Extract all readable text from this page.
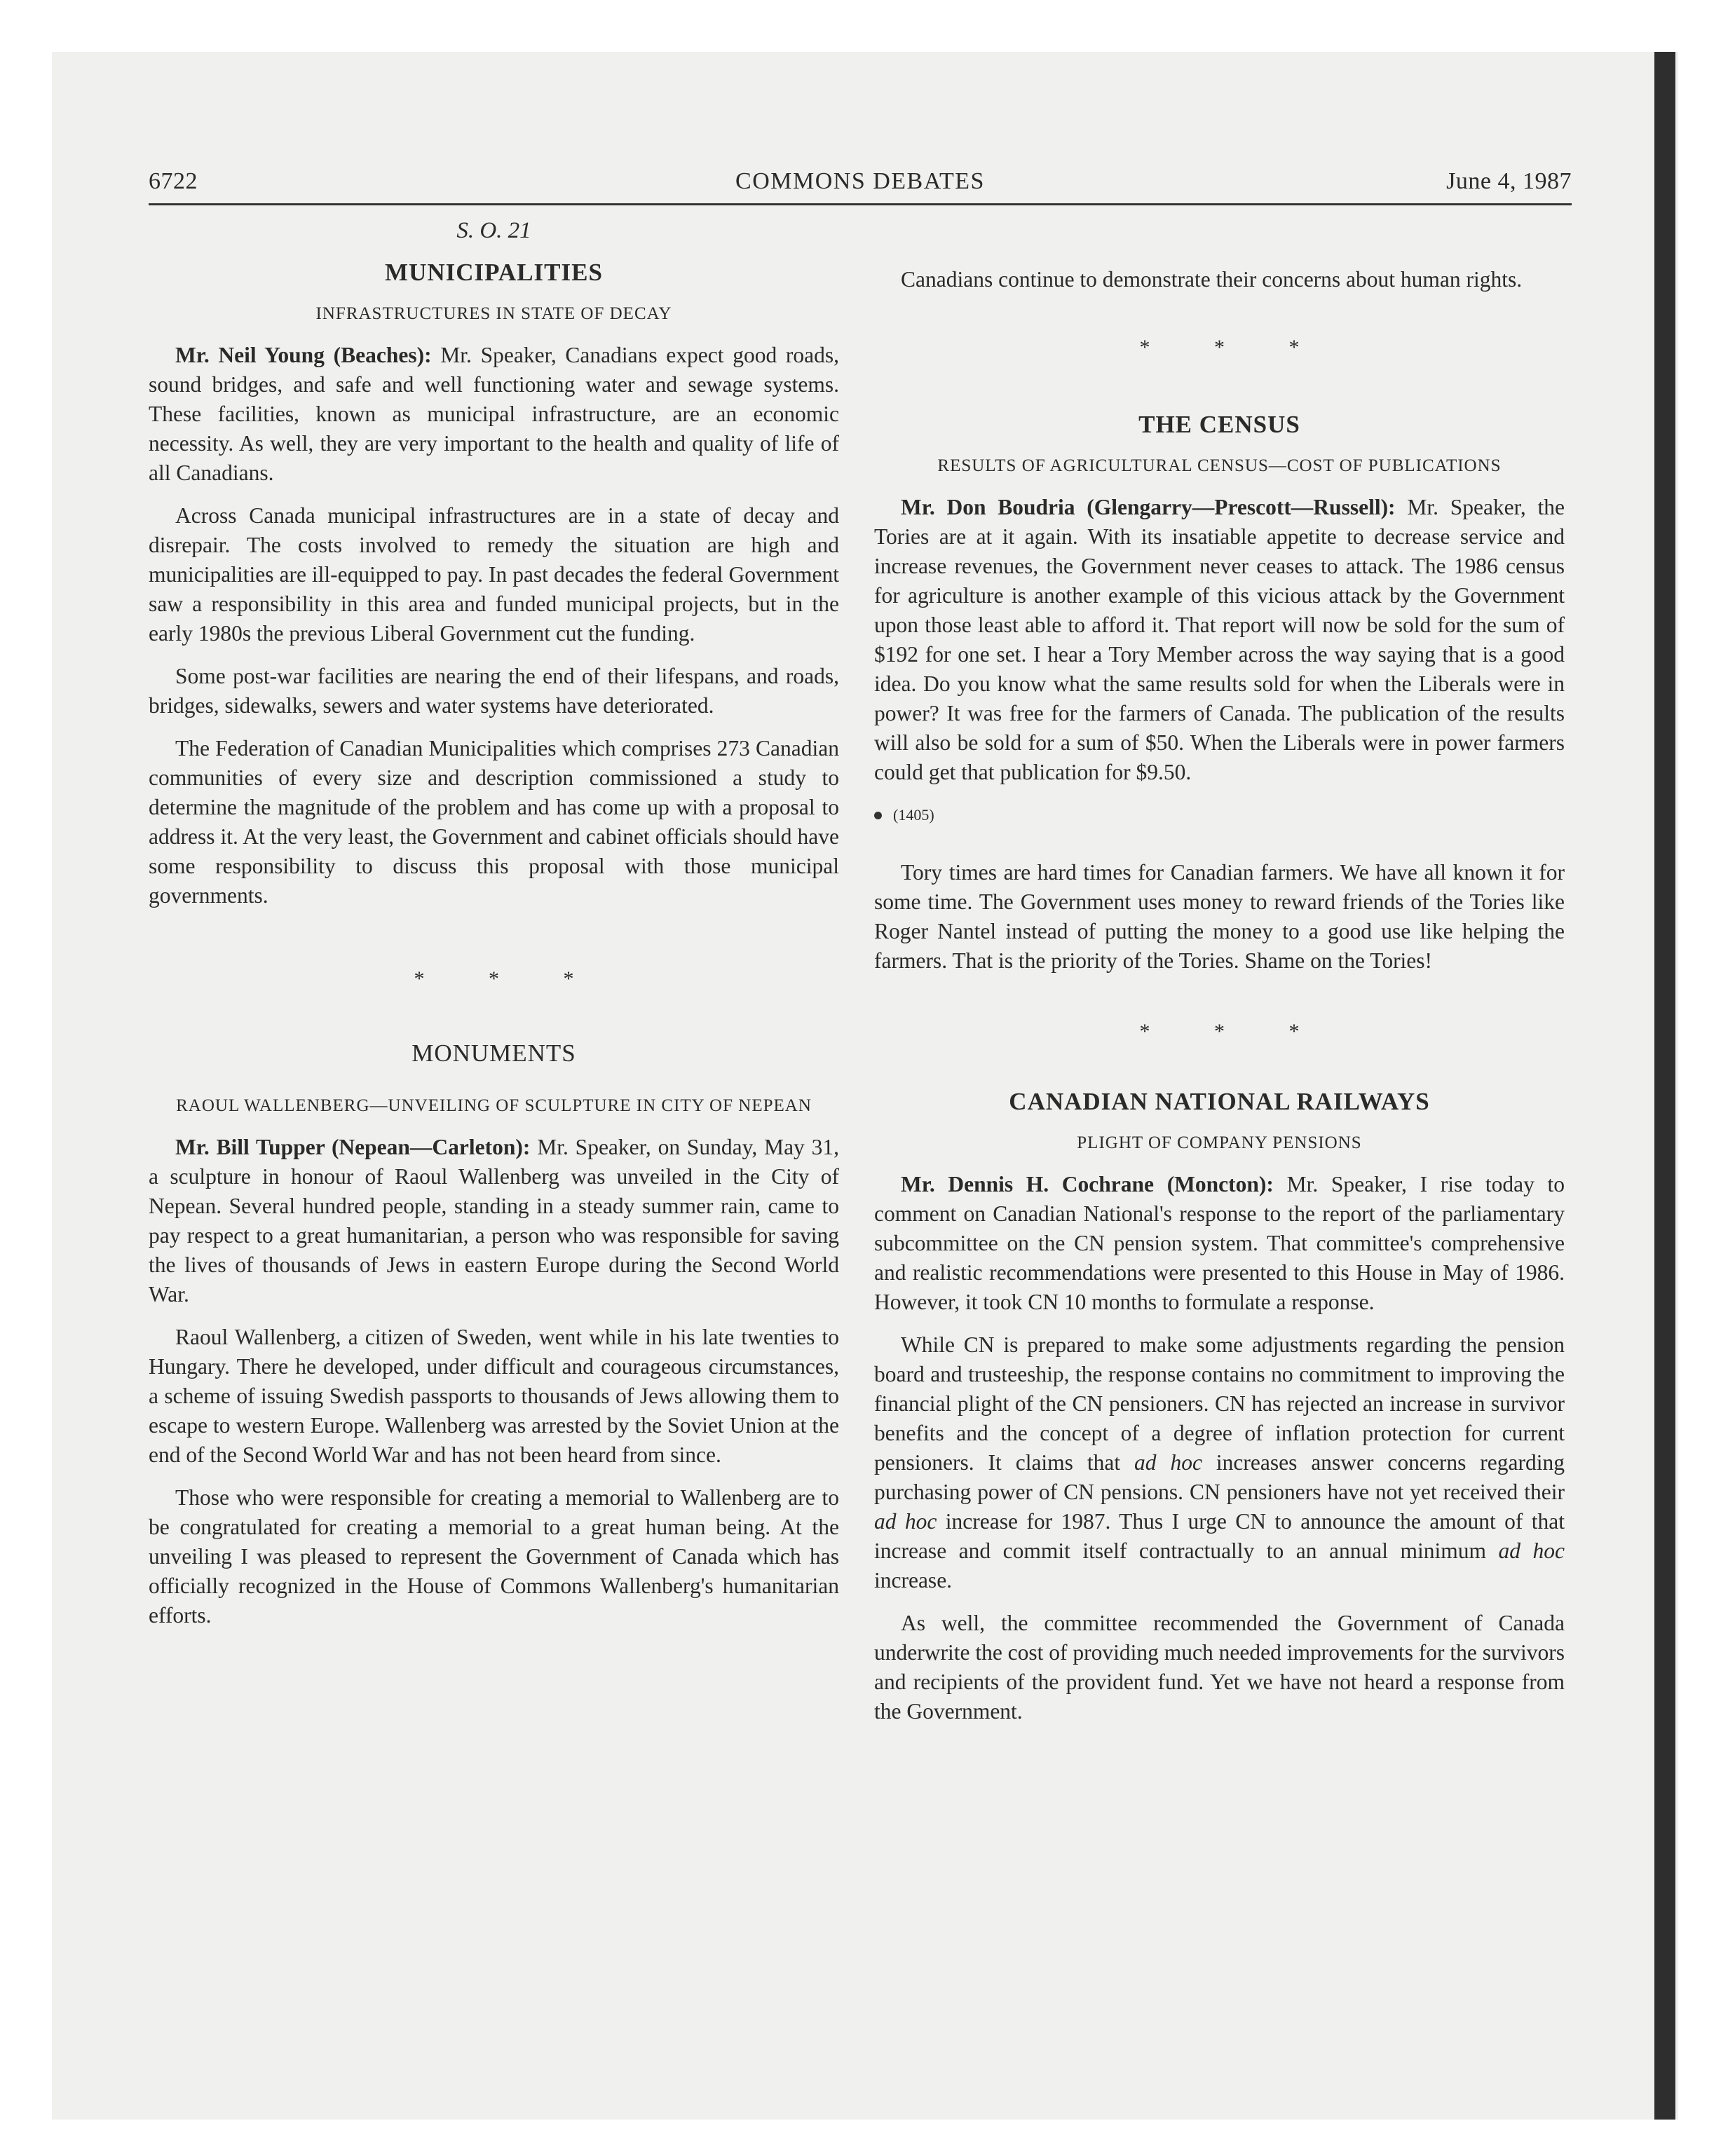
6722	COMMONS DEBATES	June 4, 1987
S. O. 21
MUNICIPALITIES
INFRASTRUCTURES IN STATE OF DECAY

Mr. Neil Young (Beaches): Mr. Speaker, Canadians expect good roads, sound bridges, and safe and well functioning water and sewage systems. These facilities, known as municipal infrastructure, are an economic necessity. As well, they are very important to the health and quality of life of all Canadians.

Across Canada municipal infrastructures are in a state of decay and disrepair. The costs involved to remedy the situation are high and municipalities are ill-equipped to pay. In past decades the federal Government saw a responsibility in this area and funded municipal projects, but in the early 1980s the previous Liberal Government cut the funding.

Some post-war facilities are nearing the end of their lifespans, and roads, bridges, sidewalks, sewers and water systems have deteriorated.

The Federation of Canadian Municipalities which comprises 273 Canadian communities of every size and description commissioned a study to determine the magnitude of the problem and has come up with a proposal to address it. At the very least, the Government and cabinet officials should have some responsibility to discuss this proposal with those municipal governments.

* * *
MONUMENTS
RAOUL WALLENBERG—UNVEILING OF SCULPTURE IN CITY OF NEPEAN

Mr. Bill Tupper (Nepean—Carleton): Mr. Speaker, on Sunday, May 31, a sculpture in honour of Raoul Wallenberg was unveiled in the City of Nepean. Several hundred people, standing in a steady summer rain, came to pay respect to a great humanitarian, a person who was responsible for saving the lives of thousands of Jews in eastern Europe during the Second World War.

Raoul Wallenberg, a citizen of Sweden, went while in his late twenties to Hungary. There he developed, under difficult and courageous circumstances, a scheme of issuing Swedish passports to thousands of Jews allowing them to escape to western Europe. Wallenberg was arrested by the Soviet Union at the end of the Second World War and has not been heard from since.

Those who were responsible for creating a memorial to Wallenberg are to be congratulated for creating a memorial to a great human being. At the unveiling I was pleased to represent the Government of Canada which has officially recognized in the House of Commons Wallenberg's humanitarian efforts.

Canadians continue to demonstrate their concerns about human rights.

* * *
THE CENSUS
RESULTS OF AGRICULTURAL CENSUS—COST OF PUBLICATIONS

Mr. Don Boudria (Glengarry—Prescott—Russell): Mr. Speaker, the Tories are at it again. With its insatiable appetite to decrease service and increase revenues, the Government never ceases to attack. The 1986 census for agriculture is another example of this vicious attack by the Government upon those least able to afford it. That report will now be sold for the sum of $192 for one set. I hear a Tory Member across the way saying that is a good idea. Do you know what the same results sold for when the Liberals were in power? It was free for the farmers of Canada. The publication of the results will also be sold for a sum of $50. When the Liberals were in power farmers could get that publication for $9.50.

(1405)

Tory times are hard times for Canadian farmers. We have all known it for some time. The Government uses money to reward friends of the Tories like Roger Nantel instead of putting the money to a good use like helping the farmers. That is the priority of the Tories. Shame on the Tories!

* * *
CANADIAN NATIONAL RAILWAYS
PLIGHT OF COMPANY PENSIONS

Mr. Dennis H. Cochrane (Moncton): Mr. Speaker, I rise today to comment on Canadian National's response to the report of the parliamentary subcommittee on the CN pension system. That committee's comprehensive and realistic recommendations were presented to this House in May of 1986. However, it took CN 10 months to formulate a response.

While CN is prepared to make some adjustments regarding the pension board and trusteeship, the response contains no commitment to improving the financial plight of the CN pensioners. CN has rejected an increase in survivor benefits and the concept of a degree of inflation protection for current pensioners. It claims that ad hoc increases answer concerns regarding purchasing power of CN pensions. CN pensioners have not yet received their ad hoc increase for 1987. Thus I urge CN to announce the amount of that increase and commit itself contractually to an annual minimum ad hoc increase.

As well, the committee recommended the Government of Canada underwrite the cost of providing much needed improvements for the survivors and recipients of the provident fund. Yet we have not heard a response from the Government.
